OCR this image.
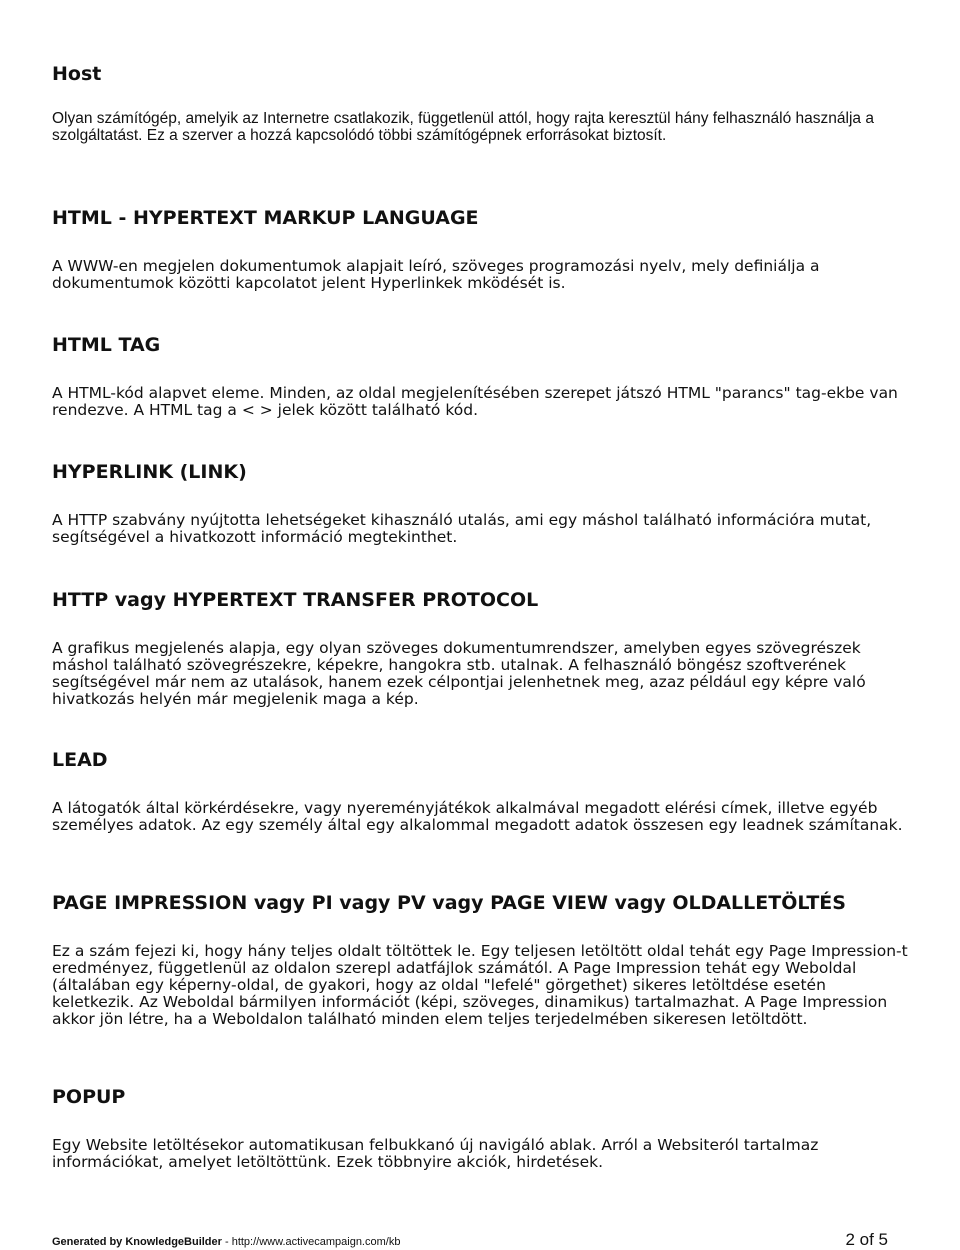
Host

Olyan számítógép, amelyik az Internetre csatlakozik, függetlenül attól, hogy rajta keresztül hány felhasználó használja a szolgáltatást. Ez a szerver a hozzá kapcsolódó többi számítógépnek erforrásokat biztosít.

HTML - HYPERTEXT MARKUP LANGUAGE

A WWW-en megjelen dokumentumok alapjait leíró, szöveges programozási nyelv, mely definiálja a dokumentumok közötti kapcolatot jelent Hyperlinkek mködését is.

HTML TAG

A HTML-kód alapvet eleme. Minden, az oldal megjelenítésében szerepet játszó HTML "parancs" tag-ekbe van rendezve. A HTML tag a < > jelek között található kód.

HYPERLINK (LINK)

A HTTP szabvány nyújtotta lehetségeket kihasználó utalás, ami egy máshol található információra mutat, segítségével a hivatkozott információ megtekinthet.

HTTP vagy HYPERTEXT TRANSFER PROTOCOL

A grafikus megjelenés alapja, egy olyan szöveges dokumentumrendszer, amelyben egyes szövegrészek máshol található szövegrészekre, képekre, hangokra stb. utalnak. A felhasználó böngész szoftverének segítségével már nem az utalások, hanem ezek célpontjai jelenhetnek meg, azaz például egy képre való hivatkozás helyén már megjelenik maga a kép.

LEAD

A látogatók által körkérdésekre, vagy nyereményjátékok alkalmával megadott elérési címek, illetve egyéb személyes adatok. Az egy személy által egy alkalommal megadott adatok összesen egy leadnek számítanak.

PAGE IMPRESSION vagy PI vagy PV vagy PAGE VIEW vagy OLDALLETÖLTÉS

Ez a szám fejezi ki, hogy hány teljes oldalt töltöttek le. Egy teljesen letöltött oldal tehát egy Page Impression-t eredményez, függetlenül az oldalon szerepl adatfájlok számától. A Page Impression tehát egy Weboldal (általában egy képerny-oldal, de gyakori, hogy az oldal "lefelé" görgethet) sikeres letöltdése esetén keletkezik. Az Weboldal bármilyen információt (képi, szöveges, dinamikus) tartalmazhat. A Page Impression akkor jön létre, ha a Weboldalon található minden elem teljes terjedelmében sikeresen letöltdött.

POPUP

Egy Website letöltésekor automatikusan felbukkanó új navigáló ablak. Arról a Websiteról tartalmaz információkat, amelyet letöltöttünk. Ezek többnyire akciók, hirdetések.

Generated by KnowledgeBuilder - http://www.activecampaign.com/kb	2 of 5
